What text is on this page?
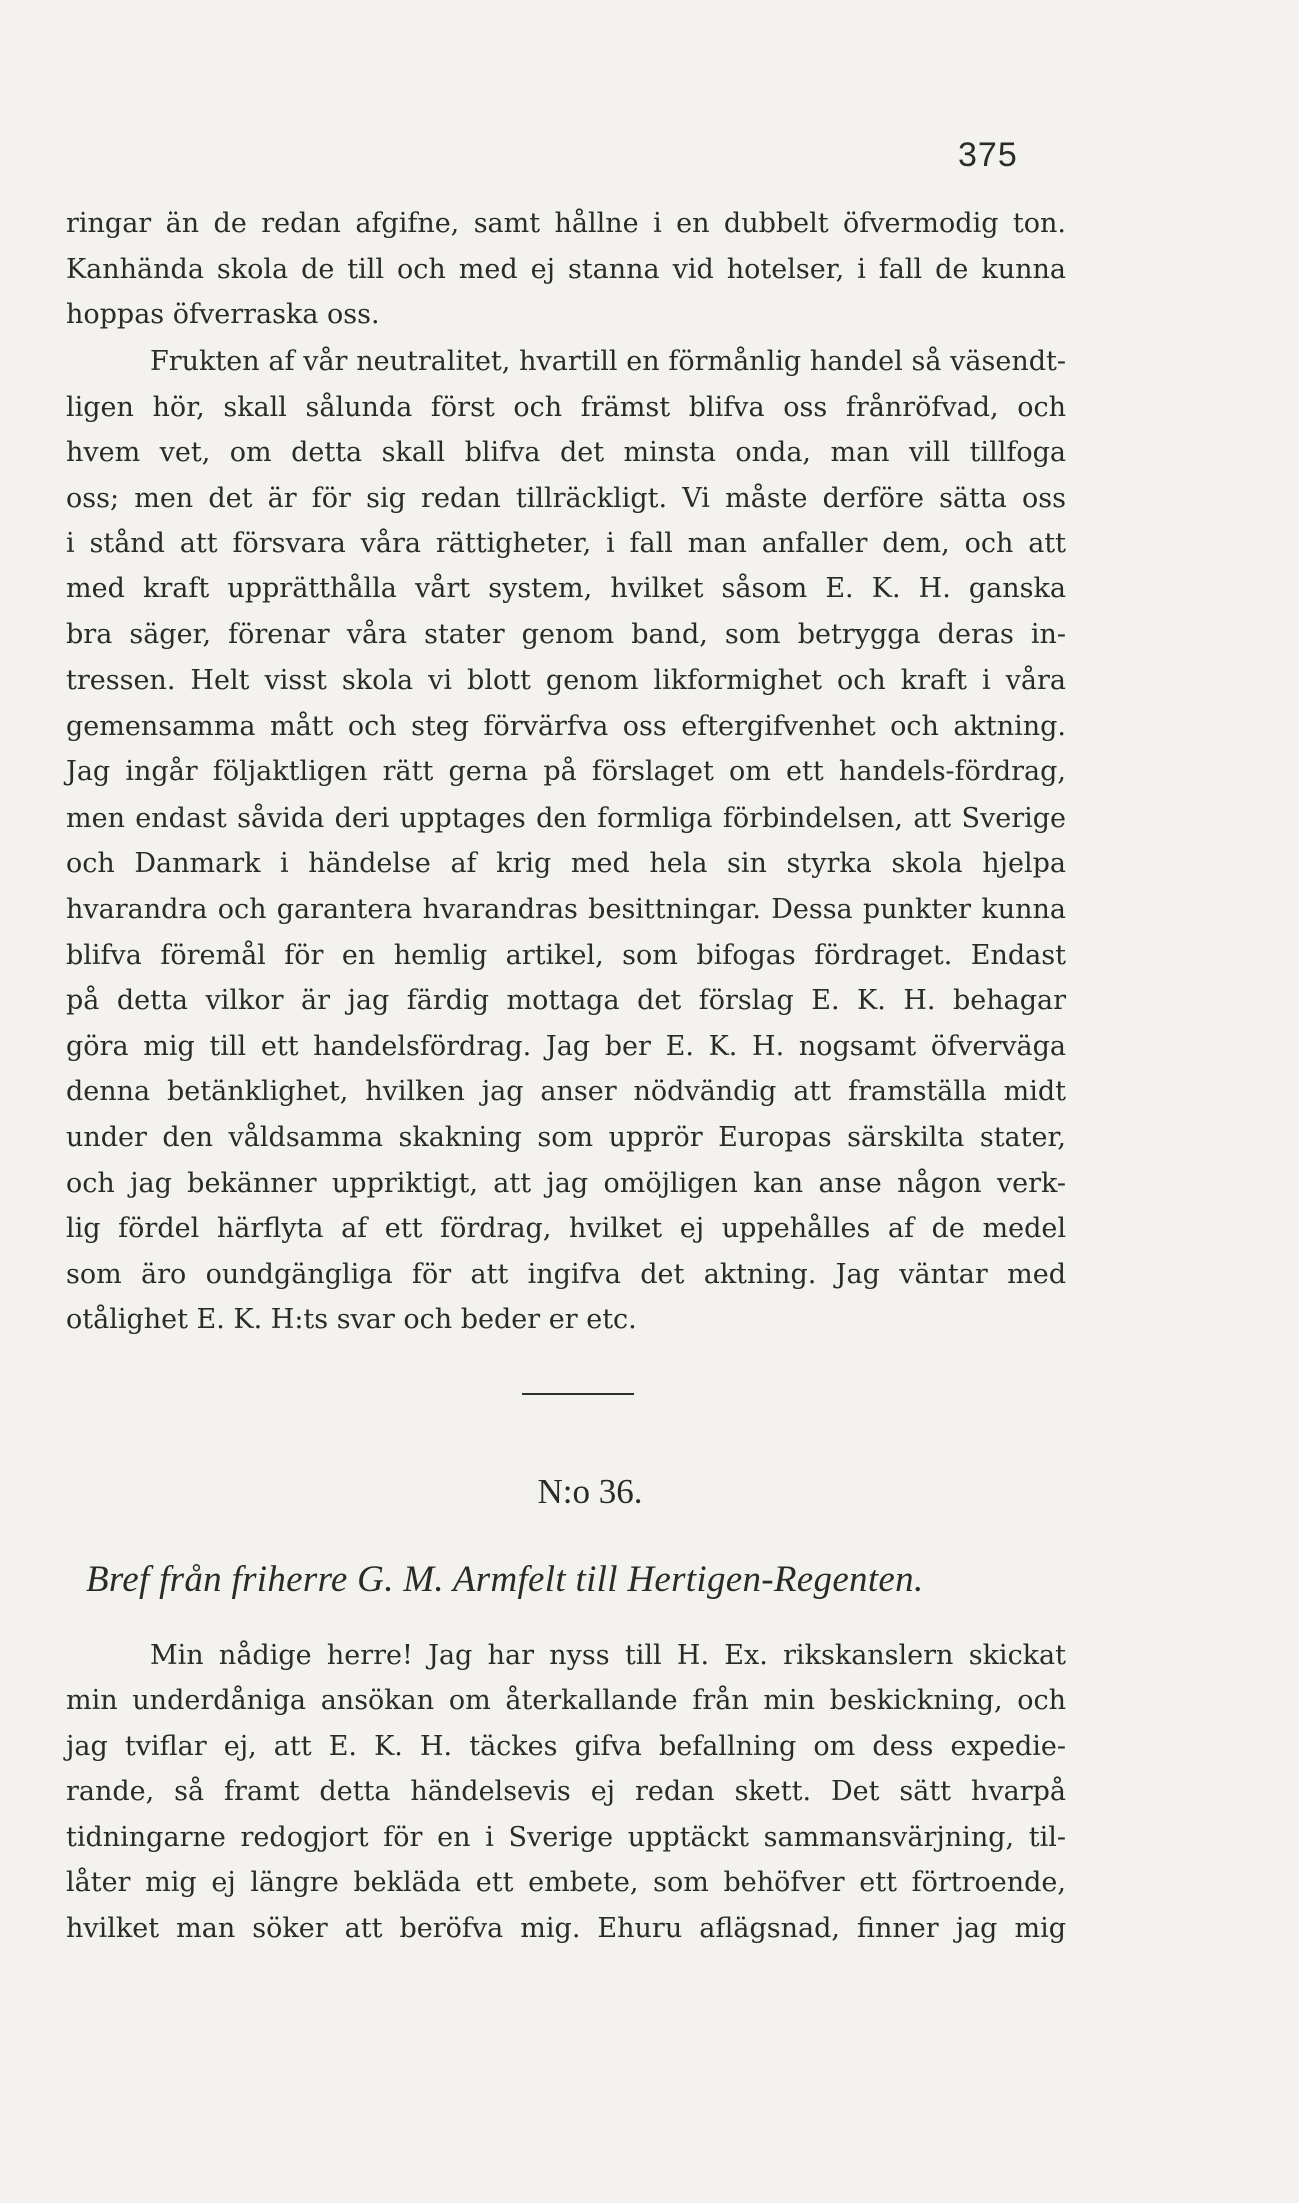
375
ringar än de redan afgifne, samt hållne i en dubbelt öfvermodig ton.
Kanhända skola de till och med ej stanna vid hotelser, i fall de kunna
hoppas öfverraska oss.
Frukten af vår neutralitet, hvartill en förmånlig handel så väsendt-
ligen hör, skall sålunda först och främst blifva oss frånröfvad, och
hvem vet, om detta skall blifva det minsta onda, man vill tillfoga
oss; men det är för sig redan tillräckligt. Vi måste derföre sätta oss
i stånd att försvara våra rättigheter, i fall man anfaller dem, och att
med kraft upprätthålla vårt system, hvilket såsom E. K. H. ganska
bra säger, förenar våra stater genom band, som betrygga deras in-
tressen. Helt visst skola vi blott genom likformighet och kraft i våra
gemensamma mått och steg förvärfva oss eftergifvenhet och aktning.
Jag ingår följaktligen rätt gerna på förslaget om ett handels-fördrag,
men endast såvida deri upptages den formliga förbindelsen, att Sverige
och Danmark i händelse af krig med hela sin styrka skola hjelpa
hvarandra och garantera hvarandras besittningar. Dessa punkter kunna
blifva föremål för en hemlig artikel, som bifogas fördraget. Endast
på detta vilkor är jag färdig mottaga det förslag E. K. H. behagar
göra mig till ett handelsfördrag. Jag ber E. K. H. nogsamt öfverväga
denna betänklighet, hvilken jag anser nödvändig att framställa midt
under den våldsamma skakning som upprör Europas särskilta stater,
och jag bekänner uppriktigt, att jag omöjligen kan anse någon verk-
lig fördel härflyta af ett fördrag, hvilket ej uppehålles af de medel
som äro oundgängliga för att ingifva det aktning. Jag väntar med
otålighet E. K. H:ts svar och beder er etc.
N:o 36.
Bref från friherre G. M. Armfelt till Hertigen-Regenten.
Min nådige herre! Jag har nyss till H. Ex. rikskanslern skickat
min underdåniga ansökan om återkallande från min beskickning, och
jag tviflar ej, att E. K. H. täckes gifva befallning om dess expedie-
rande, så framt detta händelsevis ej redan skett. Det sätt hvarpå
tidningarne redogjort för en i Sverige upptäckt sammansvärjning, til-
låter mig ej längre bekläda ett embete, som behöfver ett förtroende,
hvilket man söker att beröfva mig. Ehuru aflägsnad, finner jag mig
